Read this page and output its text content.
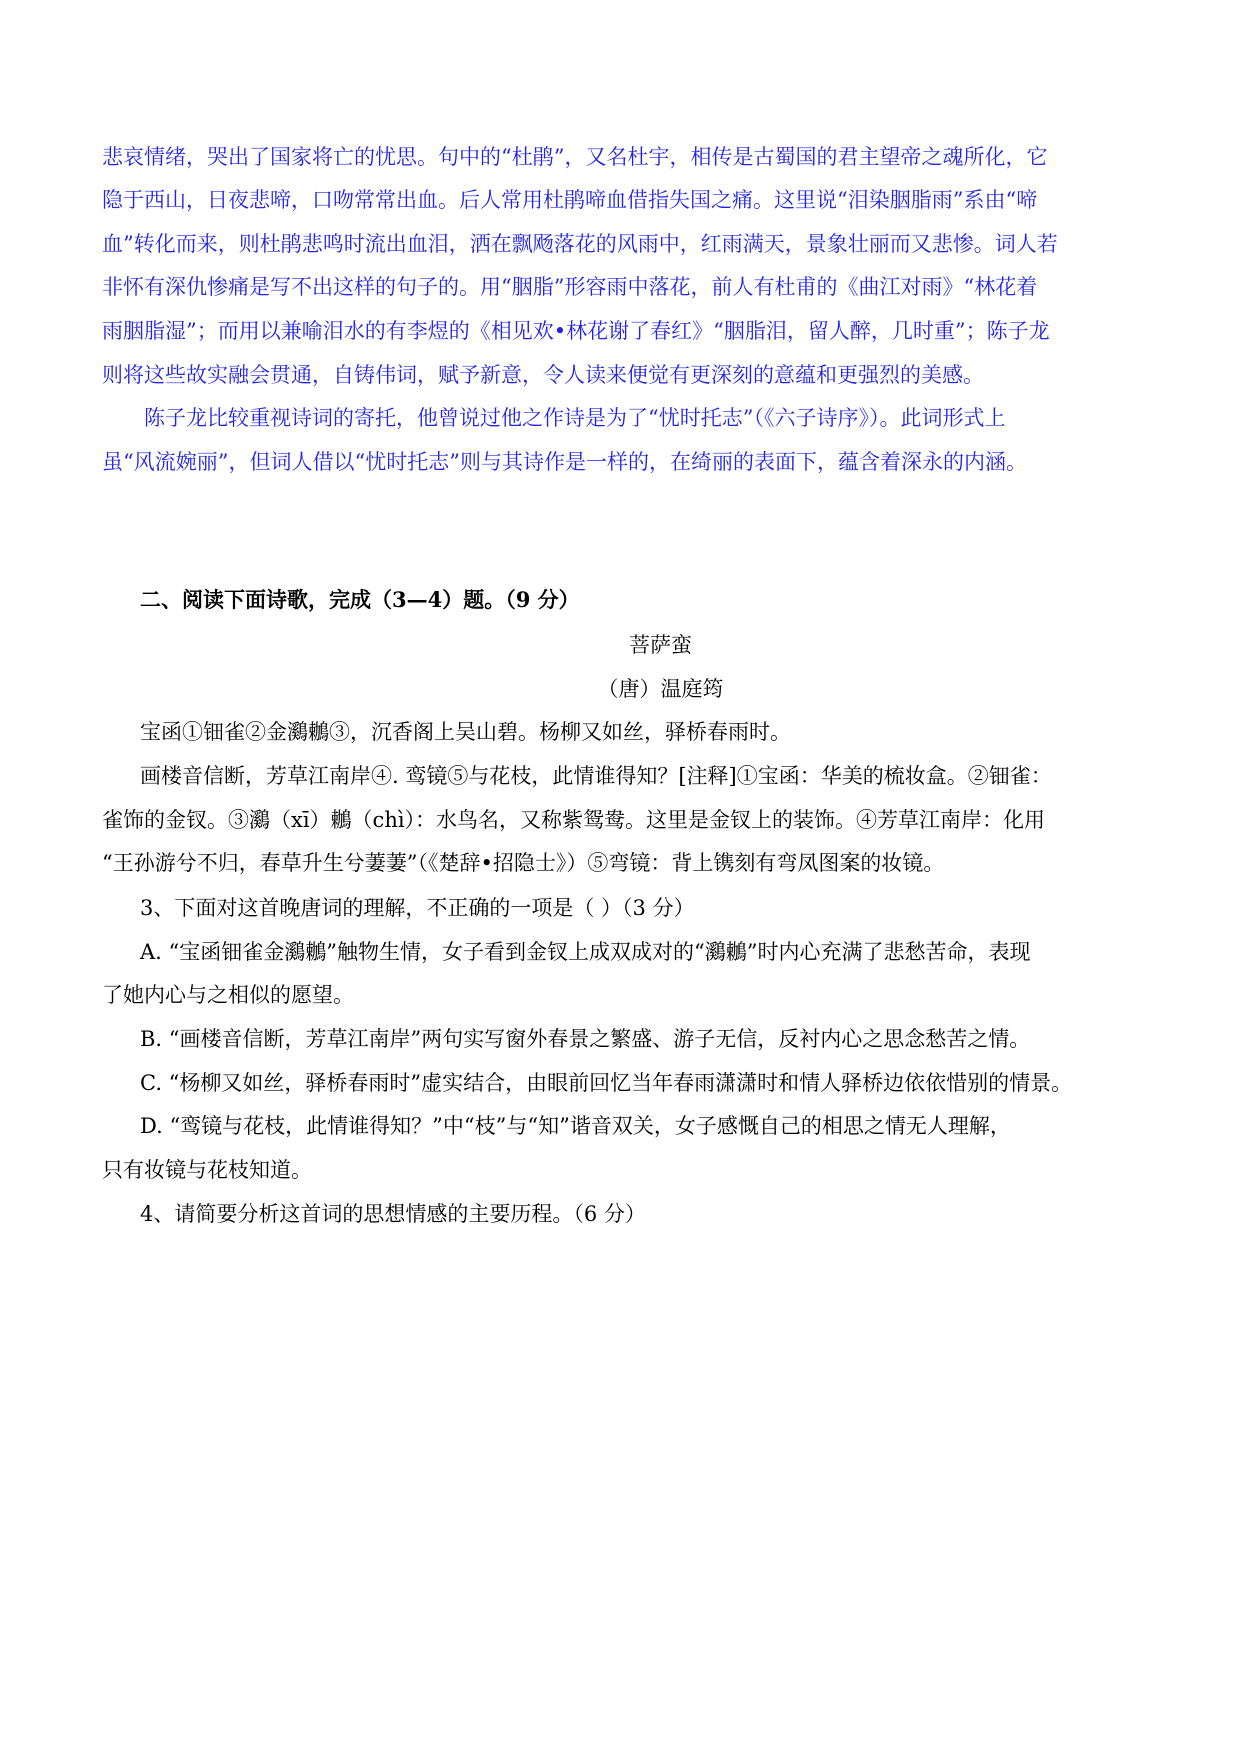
悲哀情绪，哭出了国家将亡的忧思。句中的“杜鹃”，又名杜宇，相传是古蜀国的君主望帝之魂所化，它
隐于西山，日夜悲啼，口吻常常出血。后人常用杜鹃啼血借指失国之痛。这里说“泪染胭脂雨”系由“啼
血”转化而来，则杜鹃悲鸣时流出血泪，洒在飘飏落花的风雨中，红雨满天，景象壮丽而又悲惨。词人若
非怀有深仇惨痛是写不出这样的句子的。用“胭脂”形容雨中落花，前人有杜甫的《曲江对雨》“林花着
雨胭脂湿”；而用以兼喻泪水的有李煜的《相见欢•林花谢了春红》“胭脂泪，留人醉，几时重”；陈子龙
则将这些故实融会贯通，自铸伟词，赋予新意，令人读来便觉有更深刻的意蕴和更强烈的美感。
陈子龙比较重视诗词的寄托，他曾说过他之作诗是为了“忧时托志”（《六子诗序》）。此词形式上
虽“风流婉丽”，但词人借以“忧时托志”则与其诗作是一样的，在绮丽的表面下，蕴含着深永的内涵。
二、阅读下面诗歌，完成（3—4）题。（9 分）
菩萨蛮
（唐）温庭筠
宝函①钿雀②金鸂鶒③，沉香阁上吴山碧。杨柳又如丝，驿桥春雨时。
画楼音信断，芳草江南岸④. 鸾镜⑤与花枝，此情谁得知？[注释]①宝函：华美的梳妆盒。②钿雀：
雀饰的金钗。③鸂（xī）鶒（chì）：水鸟名，又称紫鸳鸯。这里是金钗上的装饰。④芳草江南岸：化用
“王孙游兮不归，春草升生兮萋萋”（《楚辞•招隐士》）⑤弯镜：背上镌刻有弯凤图案的妆镜。
3、下面对这首晚唐词的理解，不正确的一项是（ ）（3 分）
A. “宝函钿雀金鸂鶒”触物生情，女子看到金钗上成双成对的“鸂鶒”时内心充满了悲愁苦命，表现
了她内心与之相似的愿望。
B. “画楼音信断，芳草江南岸”两句实写窗外春景之繁盛、游子无信，反衬内心之思念愁苦之情。
C. “杨柳又如丝，驿桥春雨时”虚实结合，由眼前回忆当年春雨潇潇时和情人驿桥边依依惜别的情景。
D. “鸾镜与花枝，此情谁得知？”中“枝”与“知”谐音双关，女子感慨自己的相思之情无人理解，
只有妆镜与花枝知道。
4、请简要分析这首词的思想情感的主要历程。（6 分）
